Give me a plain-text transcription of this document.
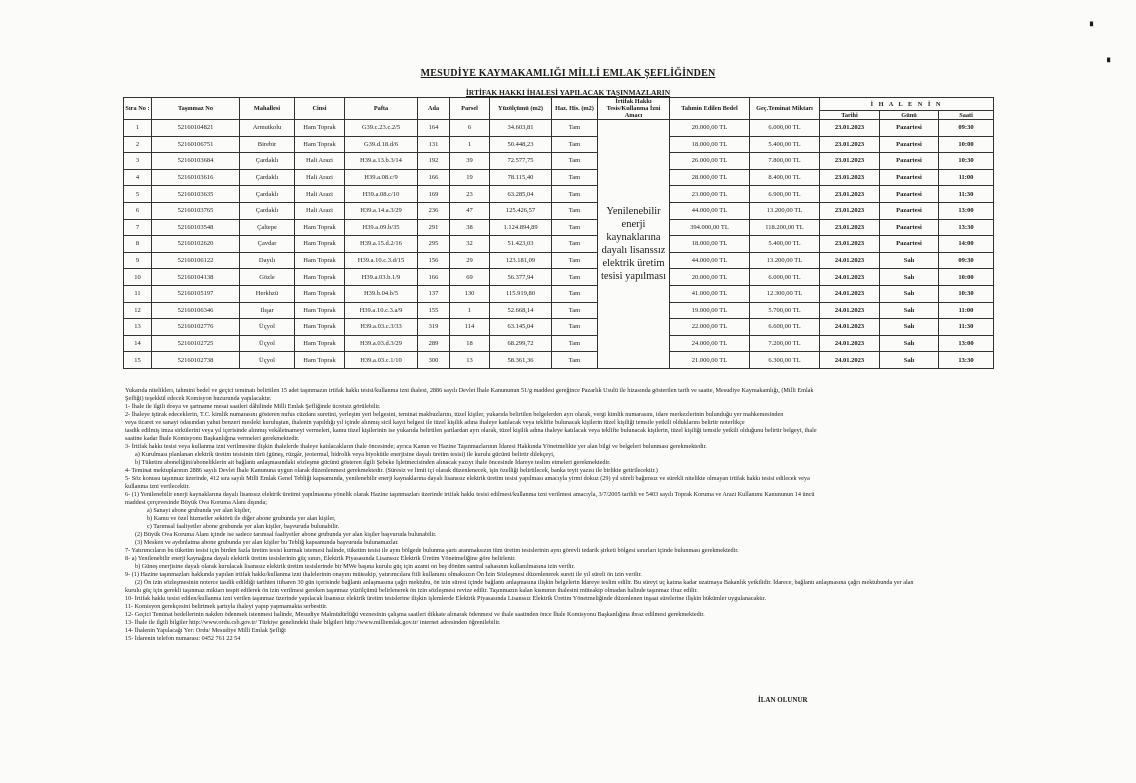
▘
▝
MESUDİYE KAYMAKAMLIĞI MİLLİ EMLAK ŞEFLİĞİNDEN
İRTİFAK HAKKI İHALESİ YAPILACAK TAŞINMAZLARIN
Sıra No :	Taşınmaz No	Mahallesi	Cinsi	Pafta	Ada	Parsel	Yüzölçümü (m2)	Haz. His. (m2)	İrtifak Hakkı Tesis/Kullanma İzni Amacı	Tahmin Edilen Bedel	Geç.Teminat Miktarı	İ H A L E N İ N		
												Tarihi	Günü	Saati
1	52160104821	Armutkolu	Ham Toprak	G39.c.23.c.2/5	164	6	34.603,81	Tam	Yenilenebilir enerji kaynaklarına dayalı lisanssız elektrik üretim tesisi yapılması	20.000,00 TL	6.000,00 TL	23.01.2023	Pazartesi	09:30
2	52160106751	Birebir	Ham Toprak	G39.d.18.d/6	131	1	50.448,23	Tam		18.000,00 TL	5.400,00 TL	23.01.2023	Pazartesi	10:00
3	52160103684	Çardaklı	Hali Arazi	H39.a.13.b.3/14	192	39	72.577,75	Tam		26.000,00 TL	7.800,00 TL	23.01.2023	Pazartesi	10:30
4	52160103616	Çardaklı	Hali Arazi	H39.a.08.c/9	166	19	78.115,40	Tam		28.000,00 TL	8.400,00 TL	23.01.2023	Pazartesi	11:00
5	52160103635	Çardaklı	Hali Arazi	H39.a.08.c/10	169	23	63.285,04	Tam		23.000,00 TL	6.900,00 TL	23.01.2023	Pazartesi	11:30
6	52160103765	Çardaklı	Hali Arazi	H39.a.14.a.3/29	236	47	125.426,57	Tam		44.000,00 TL	13.200,00 TL	23.01.2023	Pazartesi	13:00
7	52160103548	Çaltepe	Ham Toprak	H39.a.09.b/35	291	38	1.124.894,89	Tam		394.000,00 TL	118.200,00 TL	23.01.2023	Pazartesi	13:30
8	52160102620	Çavdar	Ham Toprak	H39.a.15.d.2/16	295	32	51.423,03	Tam		18.000,00 TL	5.400,00 TL	23.01.2023	Pazartesi	14:00
9	52160106122	Dayılı	Ham Toprak	H39.a.10.c.3.d/15	156	29	123.181,09	Tam		44.000,00 TL	13.200,00 TL	24.01.2023	Salı	09:30
10	52160104138	Gözle	Ham Toprak	H39.a.03.b.1/9	166	69	56.377,94	Tam		20.000,00 TL	6.000,00 TL	24.01.2023	Salı	10:00
11	52160105197	Herkhzü	Ham Toprak	H39.b.04.b/5	137	130	115.919,80	Tam		41.000,00 TL	12.300,00 TL	24.01.2023	Salı	10:30
12	52160106346	Ilışar	Ham Toprak	H39.a.10.c.3.a/9	155	1	52.668,14	Tam		19.000,00 TL	5.700,00 TL	24.01.2023	Salı	11:00
13	52160102776	Üçyol	Ham Toprak	H39.a.03.c.3/33	319	114	63.145,04	Tam		22.000,00 TL	6.600,00 TL	24.01.2023	Salı	11:30
14	52160102725	Üçyol	Ham Toprak	H39.a.03.d.3/29	289	18	68.299,72	Tam		24.000,00 TL	7.200,00 TL	24.01.2023	Salı	13:00
15	52160102738	Üçyol	Ham Toprak	H39.a.03.c.1/10	300	13	58.361,36	Tam		21.000,00 TL	6.300,00 TL	24.01.2023	Salı	13:30

Yukarıda niteliklerı, tahmini bedel ve geçici teminatı belirtilen 15 adet taşınmazın irtifak hakkı tesisi/kullanma izni ihalesi, 2886 sayılı Devlet İhale Kanununun 51/g maddesi gereğince Pazarlık Usulü ile hizasında gösterilen tarih ve saatte, Mesudiye Kaymakamlığı, (Milli Emlak

Şefliği) teşekkül edecek Komisyon huzurunda yapılacaktır.

1- İhale ile ilgili dosya ve şartname mesai saatleri dâhilinde Milli Emlak Şefliğinde ücretsiz görülebilir.

2- İhaleye iştirak edeceklerin, T.C. kimlik numarasını gösteren nufus cüzdanı suretini, yerleşim yeri belgesini, teminat makbuzlarını, tüzel kişiler, yukarıda belirtilen belgelerden ayrı olarak, vergi kimlik numarasını, idare merkezlerinin bulunduğu yer mahkemesinden

veya ticaret ve sanayi odasından yahut benzeri mesleki kuruluştan, ihalenin yapıldığı yıl içinde alınmış sicil kayıt belgesi ile tüzel kişilik adına ihaleye katılacak veya teklifte bulunacak kişilerin tüzel kişiliği temsile yetkili olduklarını belirtir noterlikçe

tasdik edilmiş imza sirkülerini veya yıl içerisinde alınmış vekâletnameyi vermeleri, kamu tüzel kişilerinin ise yukarıda belirtilen şartlardan ayrı olarak, tüzel kişilik adına ihaleye katılacak veya teklifte bulunacak kişilerin, tüzel kişiliği temsile yetkili olduğunu belirtir belgeyi, ihale

saatine kadar İhale Komisyonu Başkanlığına vermeleri gerekmektedir.

3- İrtifak hakkı tesisi veya kullanma izni verilmesine ilişkin ihalelerde ihaleye katılacakların ihale öncesinde; ayrıca Kanun ve Hazine Taşınmazlarının İdaresi Hakkında Yönetmelikte yer alan bilgi ve belgeleri bulunması gerekmektedir.

a) Kurulması planlanan elektrik üretim tesisinin türü (güneş, rüzgâr, jeotermal, hidrolik veya biyokütle enerjisine dayalı üretim tesisi) ile kurulu gücünü belirtir dilekçeyi,

b) Tüketim aboneliğini/aboneliklerin ait bağlantı anlaşmasındaki sözleşme gücünü gösteren ilgili Şebeke İşletmecisinden alınacak yazıyı ihale öncesinde İdareye teslim etmeleri gerekmektedir.

4- Teminat mektuplarının 2886 sayılı Devlet İhale Kanununa uygun olarak düzenlenmesi gerekmektedir. (Süresiz ve limit içi olarak düzenlenecek, işin özelliği belirtilecek, banka teyit yazısı ile birlikte getirilecektir.)

5- Söz konusu taşınmaz üzerinde, 412 sıra sayılı Milli Emlak Genel Tebliği kapsamında, yenilenebilir enerji kaynaklarına dayalı lisanssız elektrik üretim tesisi yapılması amacıyla yirmi dokuz (29) yıl süreli bağımsız ve sürekli nitelikte olmayan irtifak hakkı tesisi edilecek veya

kullanma izni verilecektir.

6- (1) Yenilenebilir enerji kaynaklarına dayalı lisanssız elektrik üretimi yapılmasına yönelik olarak Hazine taşınmazları üzerinde irtifak hakkı tesisi edilmesi/kullanma izni verilmesi amacıyla, 3/7/2005 tarihli ve 5403 sayılı Toprak Koruma ve Arazi Kullanımı Kanununun 14 üncü

maddesi çerçevesinde Büyük Ova Koruma Alanı dışında;

a) Sanayi abone grubunda yer alan kişiler,

b) Kamu ve özel hizmetler sektörü ile diğer abone grubunda yer alan kişiler,

c) Tarımsal faaliyetler abone grubunda yer alan kişiler, başvuruda bulunabilir.

(2) Büyük Ova Koruma Alanı içinde ise sadece tarımsal faaliyetler abone grubunda yer alan kişiler başvuruda bulunabilir.

(3) Mesken ve aydınlatma abone grubunda yer alan kişiler bu Tebliğ kapsamında başvuruda bulunamazlar.

7- Yatırımcıların bu tüketim tesisi için birden fazla üretim tesisi kurmak istemesi halinde, tüketim tesisi ile aynı bölgede bulunma şartı aranmaksızın tüm üretim tesislerinin aynı görevli tedarik şirketi bölgesi sınırları içinde bulunması gerekmektedir.

8- a) Yenilenebilir enerji kaynağına dayalı elektrik üretim tesislerinin güç sınırı, Elektrik Piyasasında Lisanssız Elektrik Üretim Yönetmeliğine göre belirlenir.

b) Güneş enerjisine dayalı olarak kurulacak lisanssız elektrik üretim tesislerinde bir MWe başına kurulu güç için azami on beş dönüm santral sahasının kullanılmasına izin verilir.

9- (1) Hazine taşınmazları hakkında yapılan irtifak hakkı/kullanma izni ihalelerinin onayını müteakip, yatırımcılara fiili kullanımı olmaksızın Ön İzin Sözleşmesi düzenlenerek sureti ile yıl süreli ön izin verilir.

(2) Ön izin sözleşmesinin noterce tasdik edildiği tarihten itibaren 30 gün içerisinde bağlantı anlaşmasına çağrı mektubu, ön izin süresi içinde bağlantı anlaşmasına ilişkin belgelerin İdareye teslim edilir. Bu süreyi uç katına kadar uzatmaya Bakanlık yetkilidir. İdarece, bağlantı anlaşmasına çağrı mektubunda yer alan

kurulu güç için gerekli taşınmaz miktarı tespit edilerek ön izin verilmesi gereken taşınmaz yüzölçümü belirlenerek ön izin sözleşmesi revize edilir. Taşınmazın kalan kısmının ihalesini müteakip olmadan halinde taşınmaz ifraz edilir.

10- İrtifak hakkı tesisi edilen/kullanma izni verilen taşınmaz üzerinde yapılacak lisanssız elektrik üretim tesislerine ilişkin işlemlerde Elektrik Piyasasında Lisanssız Elektrik Üretim Yönetmeliğinde düzenlenen inşaat sürelerine ilişkin hükümler uygulanacaktır.

11- Komisyon gerekçesini belirtmek şartıyla ihaleyi yapıp yapmamakta serbesttir.

12- Geçici Teminat bedellerinin nakden ödenmek istenmesi halinde, Mesudiye Malmüdürlüğü veznesinin çalışma saatleri dikkate alınarak ödenmesi ve ihale saatinden önce İhale Komisyonu Başkanlığına ibraz edilmesi gerekmektedir.

13- İhale ile ilgili bilgiler http://www.ordu.csb.gov.tr/ Türkiye genelindeki ihale bilgileri http://www.milliemlak.gov.tr/ internet adresinden öğrenilebilir.

14- İhalenin Yapılacağı Yer: Ordu/ Mesudiye Milli Emlak Şefliği

15- İdarenin telefon numarası: 0452 761 22 54

İLAN OLUNUR
